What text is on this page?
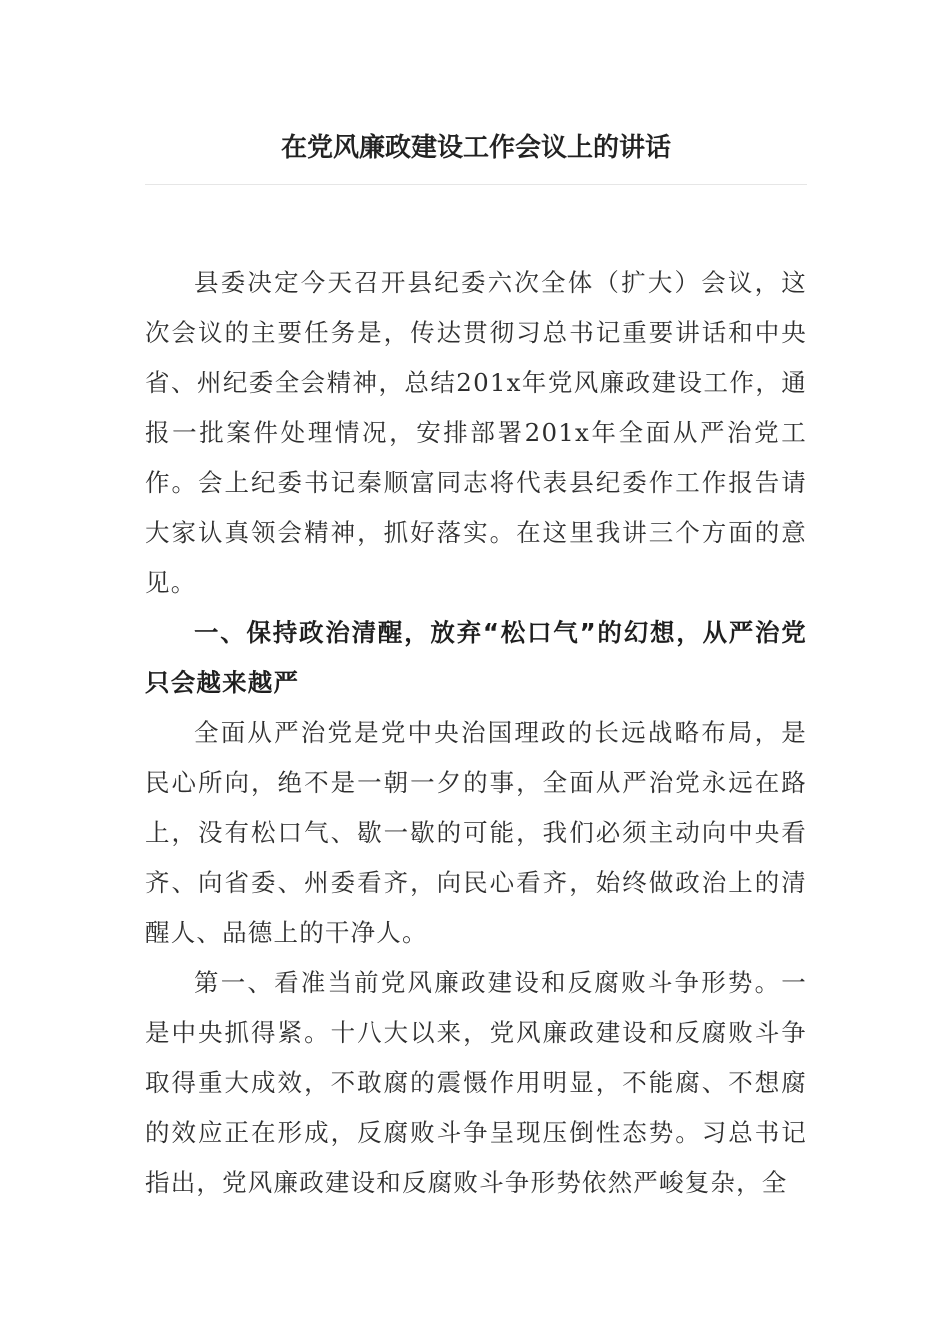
在党风廉政建设工作会议上的讲话

县委决定今天召开县纪委六次全体（扩大）会议，这次会议的主要任务是，传达贯彻习总书记重要讲话和中央省、州纪委全会精神，总结201x年党风廉政建设工作，通报一批案件处理情况，安排部署201x年全面从严治党工作。会上纪委书记秦顺富同志将代表县纪委作工作报告请大家认真领会精神，抓好落实。在这里我讲三个方面的意见。

一、保持政治清醒，放弃“松口气”的幻想，从严治党只会越来越严

全面从严治党是党中央治国理政的长远战略布局，是民心所向，绝不是一朝一夕的事，全面从严治党永远在路上，没有松口气、歇一歇的可能，我们必须主动向中央看齐、向省委、州委看齐，向民心看齐，始终做政治上的清醒人、品德上的干净人。

第一、看准当前党风廉政建设和反腐败斗争形势。一是中央抓得紧。十八大以来，党风廉政建设和反腐败斗争取得重大成效，不敢腐的震慑作用明显，不能腐、不想腐的效应正在形成，反腐败斗争呈现压倒性态势。习总书记指出，党风廉政建设和反腐败斗争形势依然严峻复杂，全
